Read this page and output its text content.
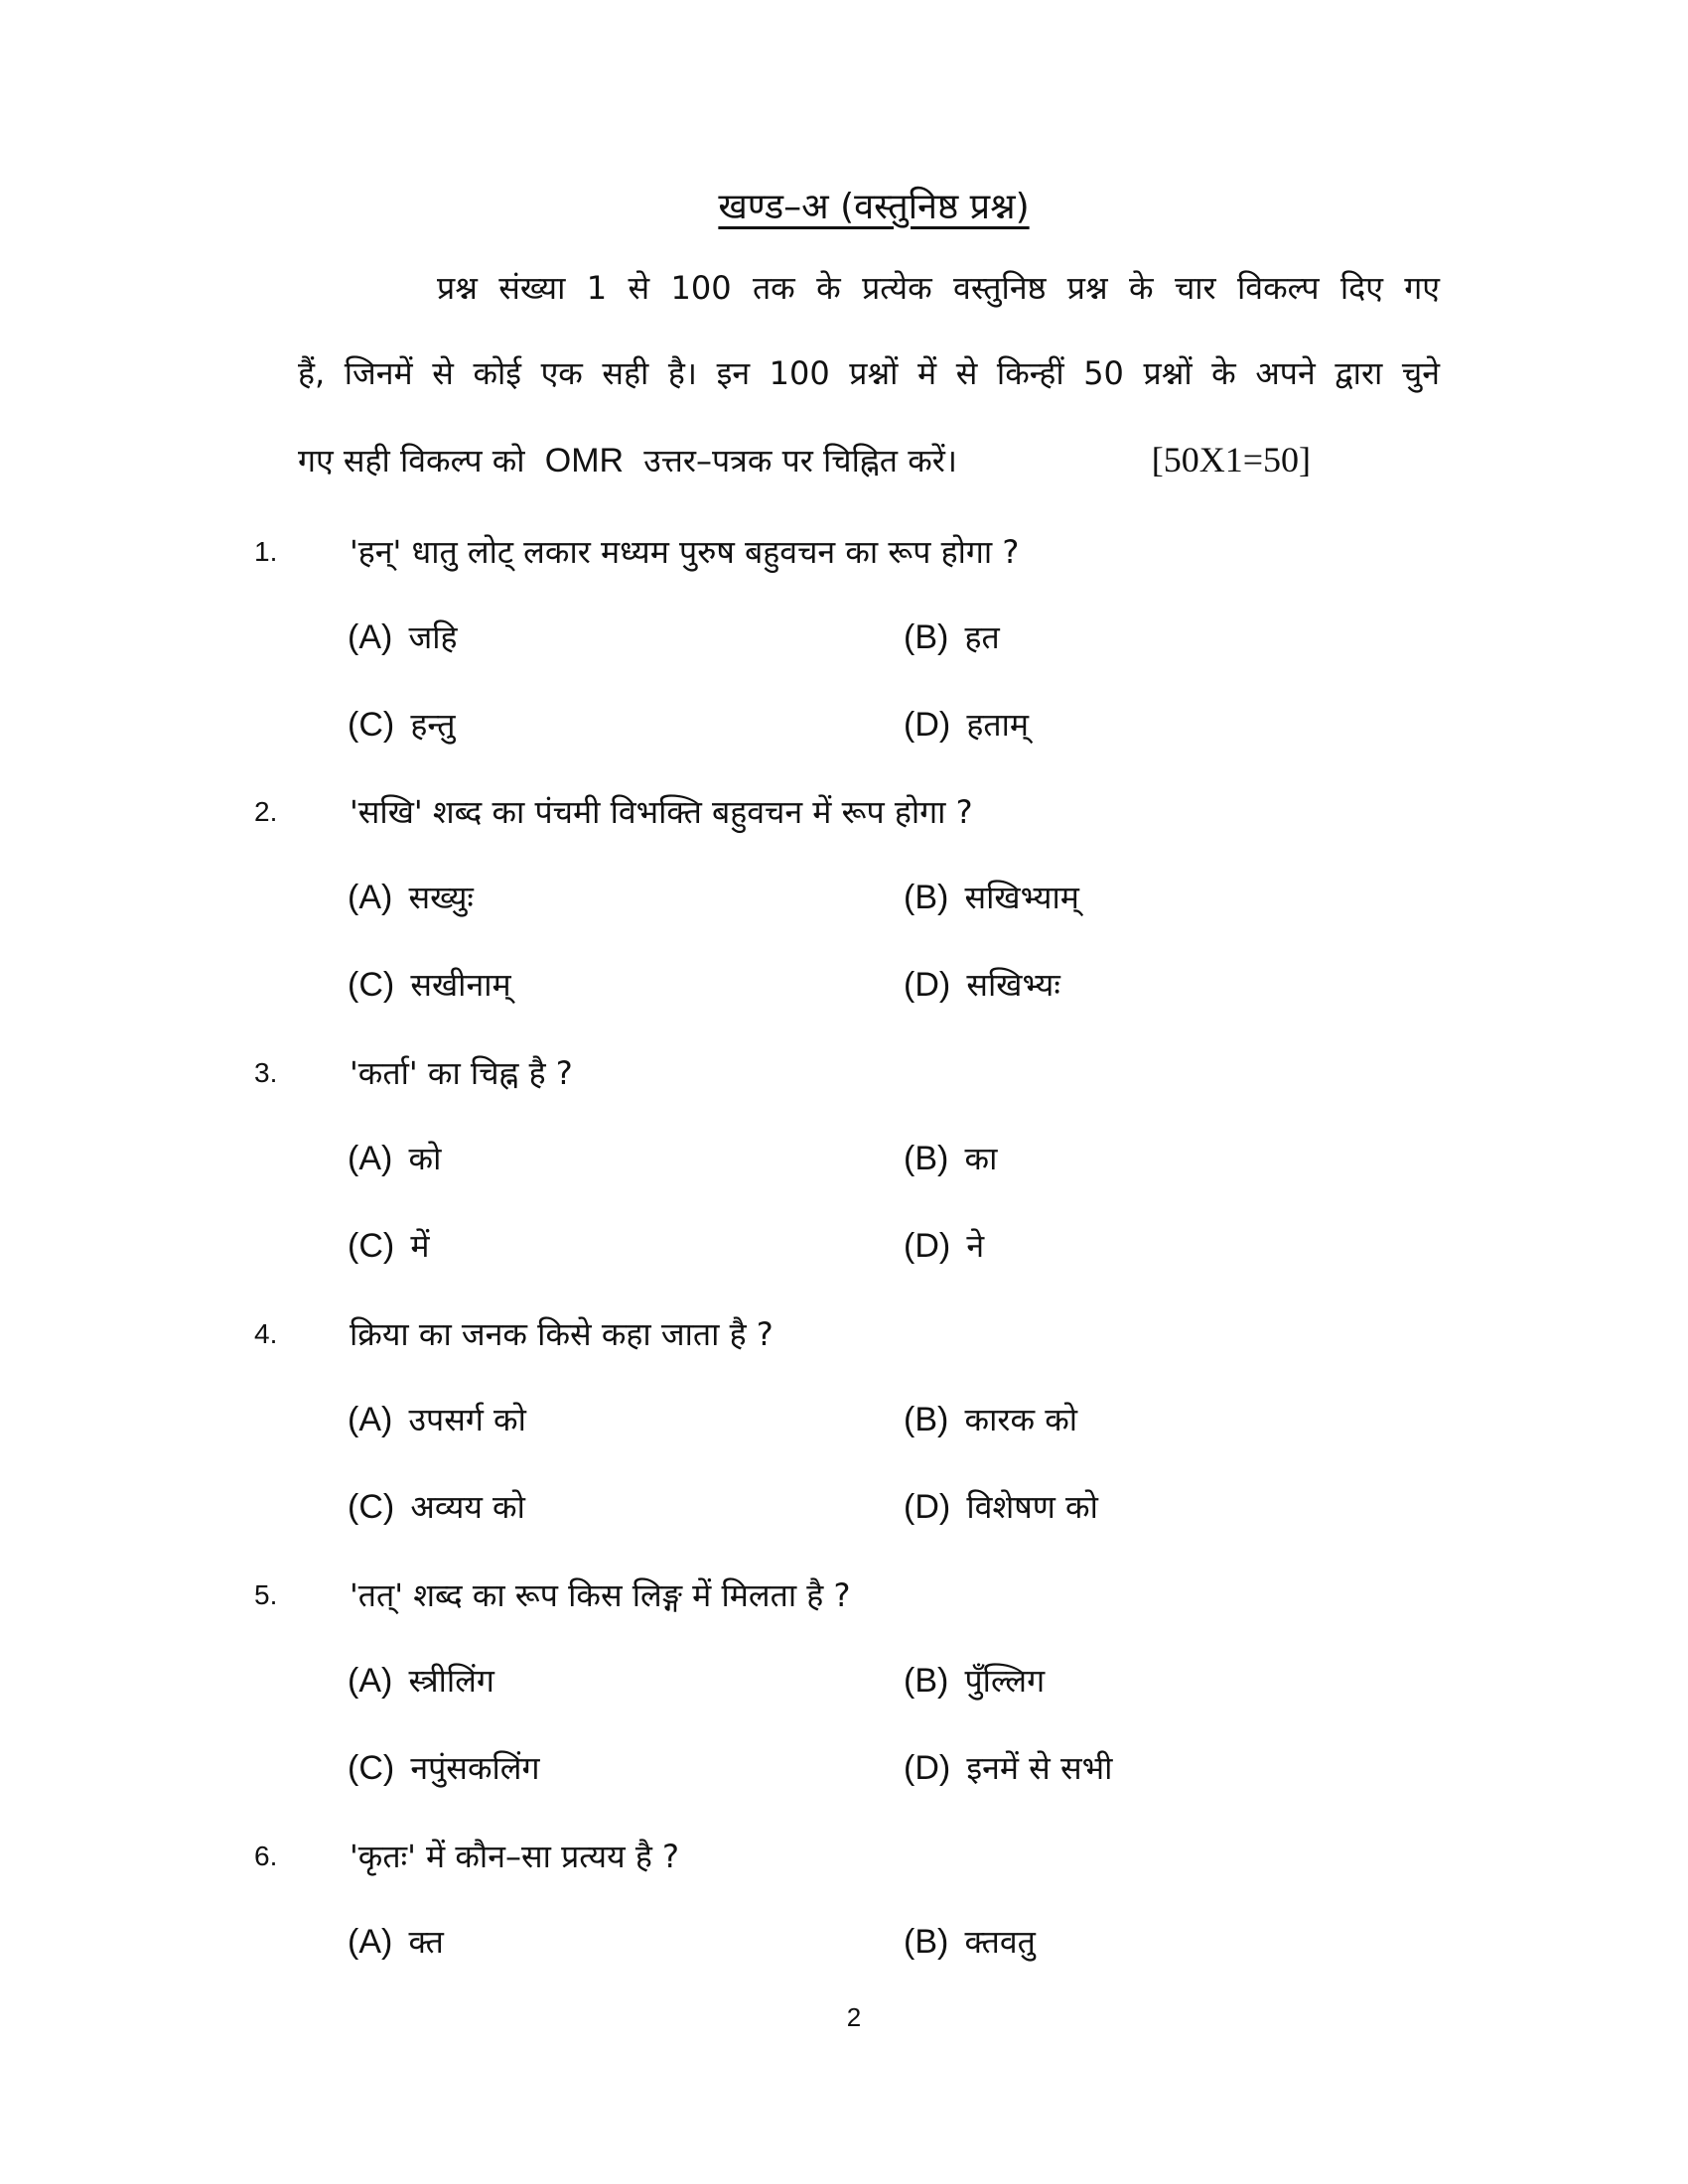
खण्ड–अ (वस्तुनिष्ठ प्रश्न)
प्रश्न संख्या 1 से 100 तक के प्रत्येक वस्तुनिष्ठ प्रश्न के चार विकल्प दिए गए
हैं, जिनमें से कोई एक सही है। इन 100 प्रश्नों में से किन्हीं 50 प्रश्नों के अपने द्वारा चुने
गए सही विकल्प को OMR उत्तर–पत्रक पर चिह्नित करें।	[50X1=50]
1. 'हन्' धातु लोट् लकार मध्यम पुरुष बहुवचन का रूप होगा ?
(A) जहि	(B) हत
(C) हन्तु	(D) हताम्
2. 'सखि' शब्द का पंचमी विभक्ति बहुवचन में रूप होगा ?
(A) सख्युः	(B) सखिभ्याम्
(C) सखीनाम्	(D) सखिभ्यः
3. 'कर्ता' का चिह्न है ?
(A) को	(B) का
(C) में	(D) ने
4. क्रिया का जनक किसे कहा जाता है ?
(A) उपसर्ग को	(B) कारक को
(C) अव्यय को	(D) विशेषण को
5. 'तत्' शब्द का रूप किस लिङ्ग में मिलता है ?
(A) स्त्रीलिंग	(B) पुँल्लिग
(C) नपुंसकलिंग	(D) इनमें से सभी
6. 'कृतः' में कौन–सा प्रत्यय है ?
(A) क्त	(B) क्तवतु
2
